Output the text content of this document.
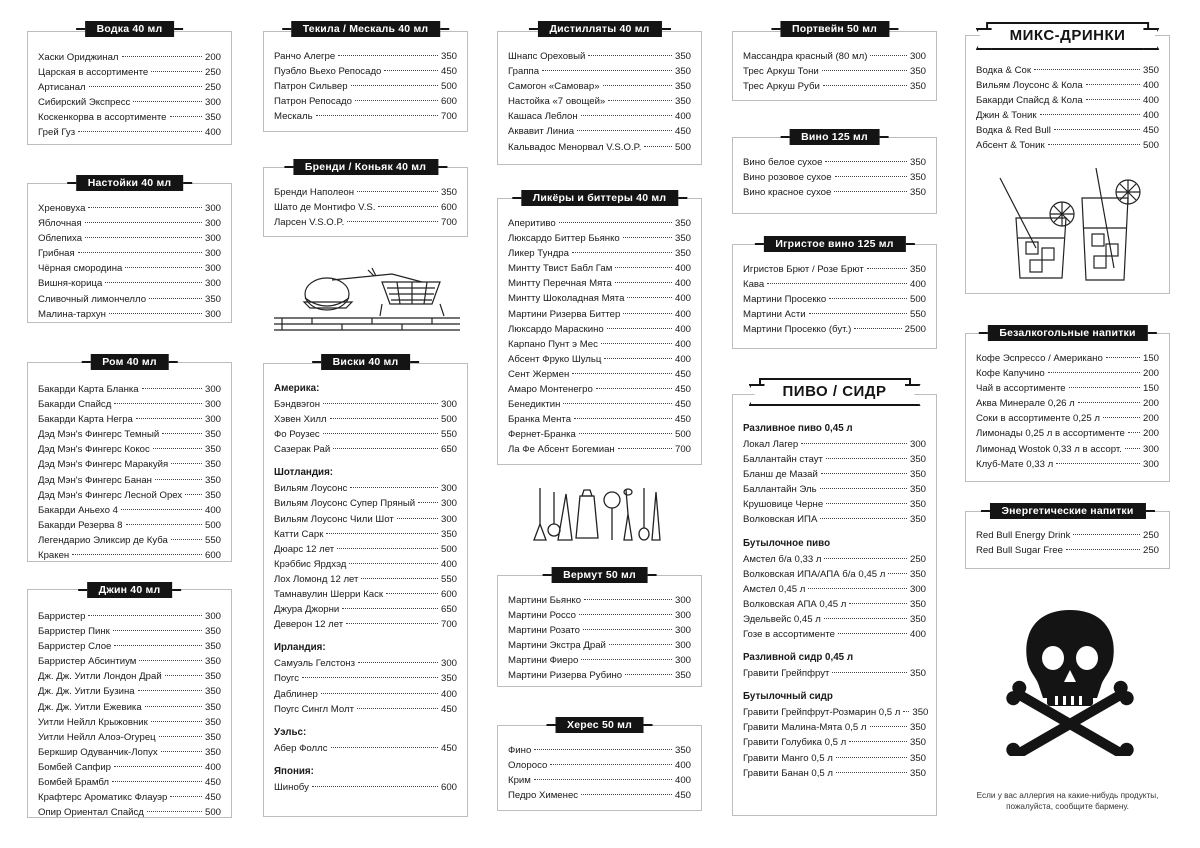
Водка 40 мл
Хаски Ориджинал	200
Царская в ассортименте	250
Артисанал	250
Сибирский Экспресс	300
Коскенкорва в ассортименте	350
Грей Гуз	400
Настойки 40 мл
Хреновуха	300
Яблочная	300
Облепиха	300
Грибная	300
Чёрная смородина	300
Вишня-корица	300
Сливочный лимончелло	350
Малина-тархун	300
Ром 40 мл
Бакарди Карта Бланка	300
Бакарди Спайсд	300
Бакарди Карта Негра	300
Дэд Мэн's Фингерс Темный	350
Дэд Мэн's Фингерс Кокос	350
Дэд Мэн's Фингерс Маракуйя	350
Дэд Мэн's Фингерс Банан	350
Дэд Мэн's Фингерс Лесной Орех 350
Бакарди Аньехо 4	400
Бакарди Резерва 8	500
Легендарио Эликсир де Куба	550
Кракен	600
Джин 40 мл
Барристер	300
Барристер Пинк	350
Барристер Слое	350
Барристер Абсинтиум	350
Дж. Дж. Уитли Лондон Драй	350
Дж. Дж. Уитли Бузина	350
Дж. Дж. Уитли Ежевика	350
Уитли Нейлл Крыжовник	350
Уитли Нейлл Алоэ-Огурец	350
Беркшир Одуванчик-Лопух	350
Бомбей Сапфир	400
Бомбей Брамбл	450
Крафтерс Ароматикс Флауэр	450
Опир Ориентал Спайсд	500
Текила / Мескаль 40 мл
Ранчо Алегре	350
Пуэбло Вьехо Репосадо	450
Патрон Сильвер	500
Патрон Репосадо	600
Мескаль	700
Бренди / Коньяк 40 мл
Бренди Наполеон	350
Шато де Монтифо V.S.	600
Ларсен V.S.O.P.	700
Виски 40 мл
Америка:
Бэндвэгон	300
Хэвен Хилл	500
Фо Роузес	550
Сазерак Рай	650
Шотландия:
Вильям Лоусонс	300
Вильям Лоусонс Супер Пряный	300
Вильям Лоусонс Чили Шот	300
Катти Сарк	350
Дюарс 12 лет	500
Крэббис Ярдхэд	400
Лох Ломонд 12 лет	550
Тамнавулин Шерри Каск	600
Джура Джорни	650
Деверон 12 лет	700
Ирландия:
Самуэль Гелстонз	300
Поугс	350
Даблинер	400
Поугс Сингл Молт	450
Уэльс:
Абер Фоллс	450
Япония:
Шинобу	600
Дистилляты 40 мл
Шнапс Ореховый	350
Граппа	350
Самогон «Самовар»	350
Настойка «7 овощей»	350
Кашаса Леблон	400
Аквавит Линиа	450
Кальвадос Менорвал V.S.O.P.	500
Ликёры и биттеры 40 мл
Аперитиво	350
Люксардо Биттер Бьянко	350
Ликер Тундра	350
Минтту Твист Бабл Гам	400
Минтту Перечная Мята	400
Минтту Шоколадная Мята	400
Мартини Ризерва Биттер	400
Люксардо Мараскино	400
Карпано Пунт э Мес	400
Абсент Фруко Шульц	400
Сент Жермен	450
Амаро Монтенегро	450
Бенедиктин	450
Бранка Мента	450
Фернет-Бранка	500
Ла Фе Абсент Богемиан	700
Вермут 50 мл
Мартини Бьянко	300
Мартини Россо	300
Мартини Розато	300
Мартини Экстра Драй	300
Мартини Фиеро	300
Мартини Ризерва Рубино	350
Херес 50 мл
Фино	350
Олоросо	400
Крим	400
Педро Хименес	450
Портвейн 50 мл
Массандра красный (80 мл)	300
Трес Аркуш Тони	350
Трес Аркуш Руби	350
Вино 125 мл
Вино белое сухое	350
Вино розовое сухое	350
Вино красное сухое	350
Игристое вино 125 мл
Игристов Брют / Розе Брют	350
Кава	400
Мартини Просекко	500
Мартини Асти	550
Мартини Просекко (бут.)	2500
ПИВО / СИДР
Разливное пиво 0,45 л
Локал Лагер	300
Баллантайн стаут	350
Бланш де Мазай	350
Баллантайн Эль	350
Крушовице Черне	350
Волковская ИПА	350
Бутылочное пиво
Амстел б/а 0,33 л	250
Волковская ИПА/АПА б/а 0,45 л	350
Амстел 0,45 л	300
Волковская АПА 0,45 л	350
Эдельвейс 0,45 л	350
Гозе в ассортименте	400
Разливной сидр 0,45 л
Гравити Грейпфрут	350
Бутылочный сидр
Гравити Грейпфрут-Розмарин 0,5 л 350
Гравити Малина-Мята 0,5 л	350
Гравити Голубика 0,5 л	350
Гравити Манго 0,5 л	350
Гравити Банан 0,5 л	350
МИКС-ДРИНКИ
Водка & Сок	350
Вильям Лоусонс & Кола	400
Бакарди Спайсд & Кола	400
Джин & Тоник	400
Водка & Red Bull	450
Абсент & Тоник	500
Безалкогольные напитки
Кофе Эспрессо / Американо	150
Кофе Капучино	200
Чай в ассортименте	150
Аква Минерале 0,26 л	200
Соки в ассортименте 0,25 л	200
Лимонады 0,25 л в ассортименте 200
Лимонад Wostok 0,33 л в ассорт. 300
Клуб-Мате 0,33 л	300
Энергетические напитки
Red Bull Energy Drink	250
Red Bull Sugar Free	250
Если у вас аллергия на какие-нибудь продукты, пожалуйста, сообщите бармену.
